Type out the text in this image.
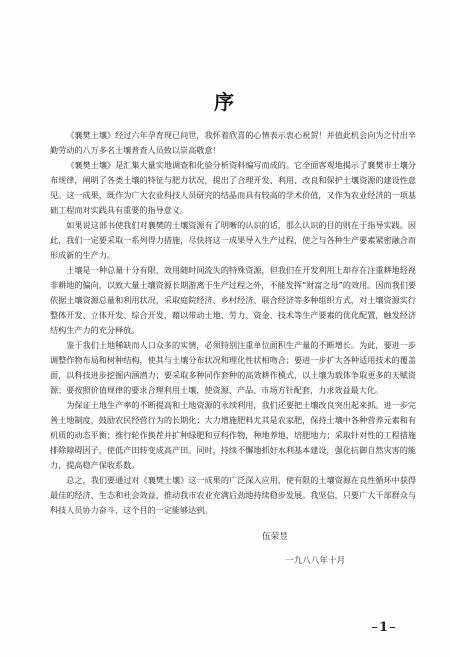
序

《襄樊土壤》经过六年孕育现已问世，我怀着欣喜的心情表示衷心祝贺！并值此机会向为之付出辛勤劳动的八万多名土壤普查人员致以崇高敬意！

《襄樊土壤》是汇集大量实地调查和化验分析资料编写而成的。它全面客观地揭示了襄樊市土壤分布规律，阐明了各类土壤的特征与肥力状况，提出了合理开发、利用、改良和保护土壤资源的建设性意见。这一成果，既作为广大农业科技人员研究的结晶而具有较高的学术价值，又作为农业经济的一项基础工程而对实践具有重要的指导意义。

如果说这部书使我们对襄樊的土壤资源有了明晰的认识的话，那么认识的目的则在于指导实践。因此，我们一定要采取一系列得力措施，尽快将这一成果导入生产过程，使之与各种生产要素紧密融合而形成新的生产力。

土壤是一种总量十分有限、效用随时间流失的特殊资源，但我们在开发利用上却存在注重耕地轻视非耕地的偏向，以致大量土壤资源长期游离于生产过程之外，不能发挥“财富之母”的效用。因而我们要依据土壤资源总量和利用状况，采取庭院经济、乡村经济、联合经济等多种组织方式，对土壤资源实行整体开发、立体开发、综合开发，藉以带动土地、劳力、资金、技术等生产要素的优化配置，触发经济结构生产力的充分释放。

鉴于我们土地稀缺而人口众多的实情，必须特别注重单位面积生产量的不断增长。为此，要进一步调整作物布局和树种结构，使其与土壤分布状况和理化性状相吻合；要进一步扩大各种适用技术的覆盖面，以科技进步挖掘内涵潜力；要采取多种同作套种的高效耕作模式，以土壤为载体争取更多的天赋资源；要按照价值规律的要求合理利用土壤，使资源、产品、市场方针配套，力求效益最大化。

为保证土地生产率的不断提高和土地资源的永续利用，我们还要把土壤改良突出起来抓。进一步完善土地制度，鼓励农民经营行为的长期化；大力增施肥料尤其是农家肥，保持土壤中各种营养元素和有机质的动态平衡；推行轮作换茬并扩种绿肥和豆科作物，种地养地，培肥地力；采取针对性的工程措施排除障碍因子，使低产田转变成高产田。同时，持续不懈地抓好水利基本建设，强化抗御自然灾害的能力，提高稳产保收系数。

总之，我们要通过对《襄樊土壤》这一成果的广泛深入应用，使有限的土壤资源在良性循环中获得最佳的经济、生态和社会效益，推动我市农业充满后劲地持续稳步发展。我坚信，只要广大干部群众与科技人员协力奋斗，这个目的一定能够达到。

伍荣昱
一九八八年十月
1
